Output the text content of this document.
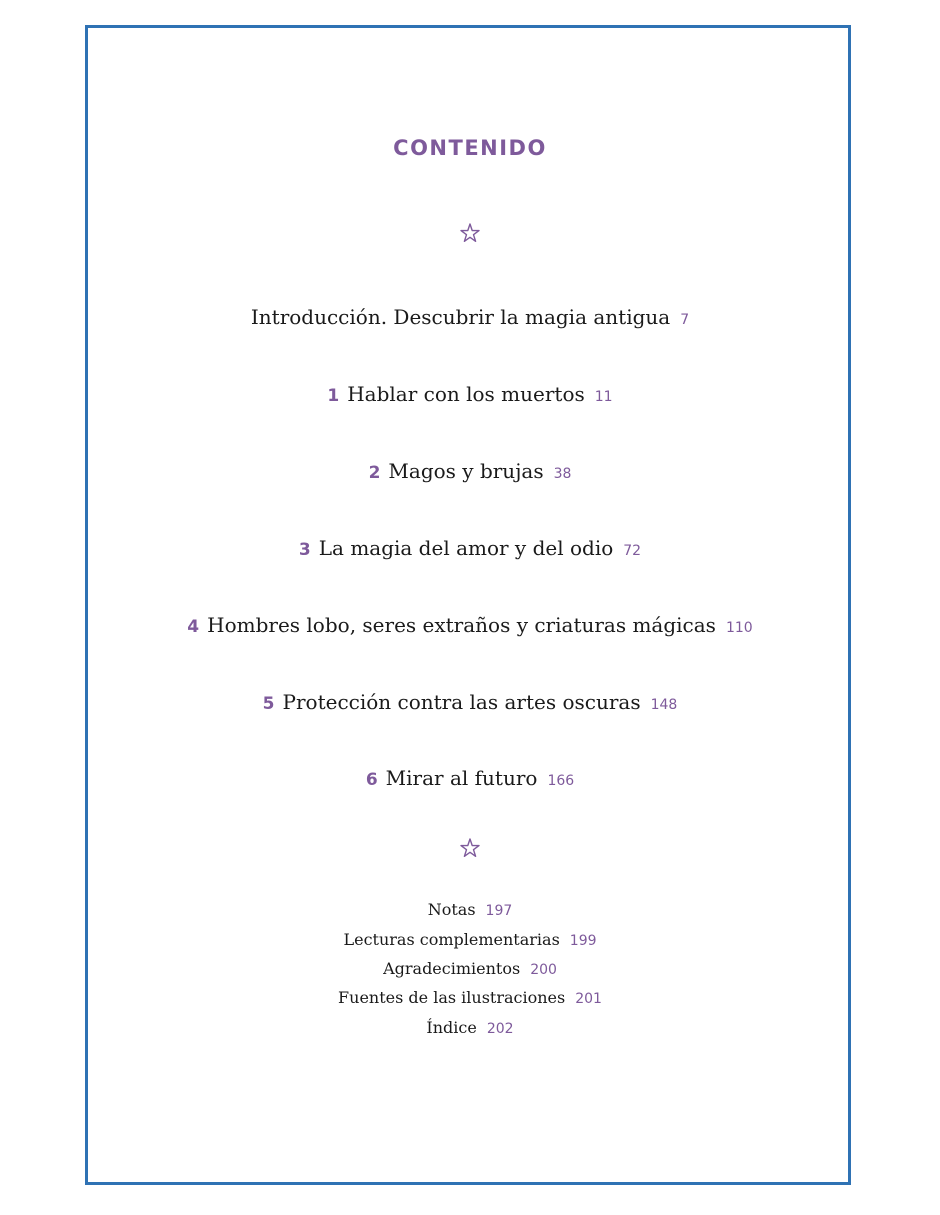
CONTENIDO
Introducción. Descubrir la magia antigua 7
1 Hablar con los muertos 11
2 Magos y brujas 38
3 La magia del amor y del odio 72
4 Hombres lobo, seres extraños y criaturas mágicas 110
5 Protección contra las artes oscuras 148
6 Mirar al futuro 166
Notas 197
Lecturas complementarias 199
Agradecimientos 200
Fuentes de las ilustraciones 201
Índice 202
